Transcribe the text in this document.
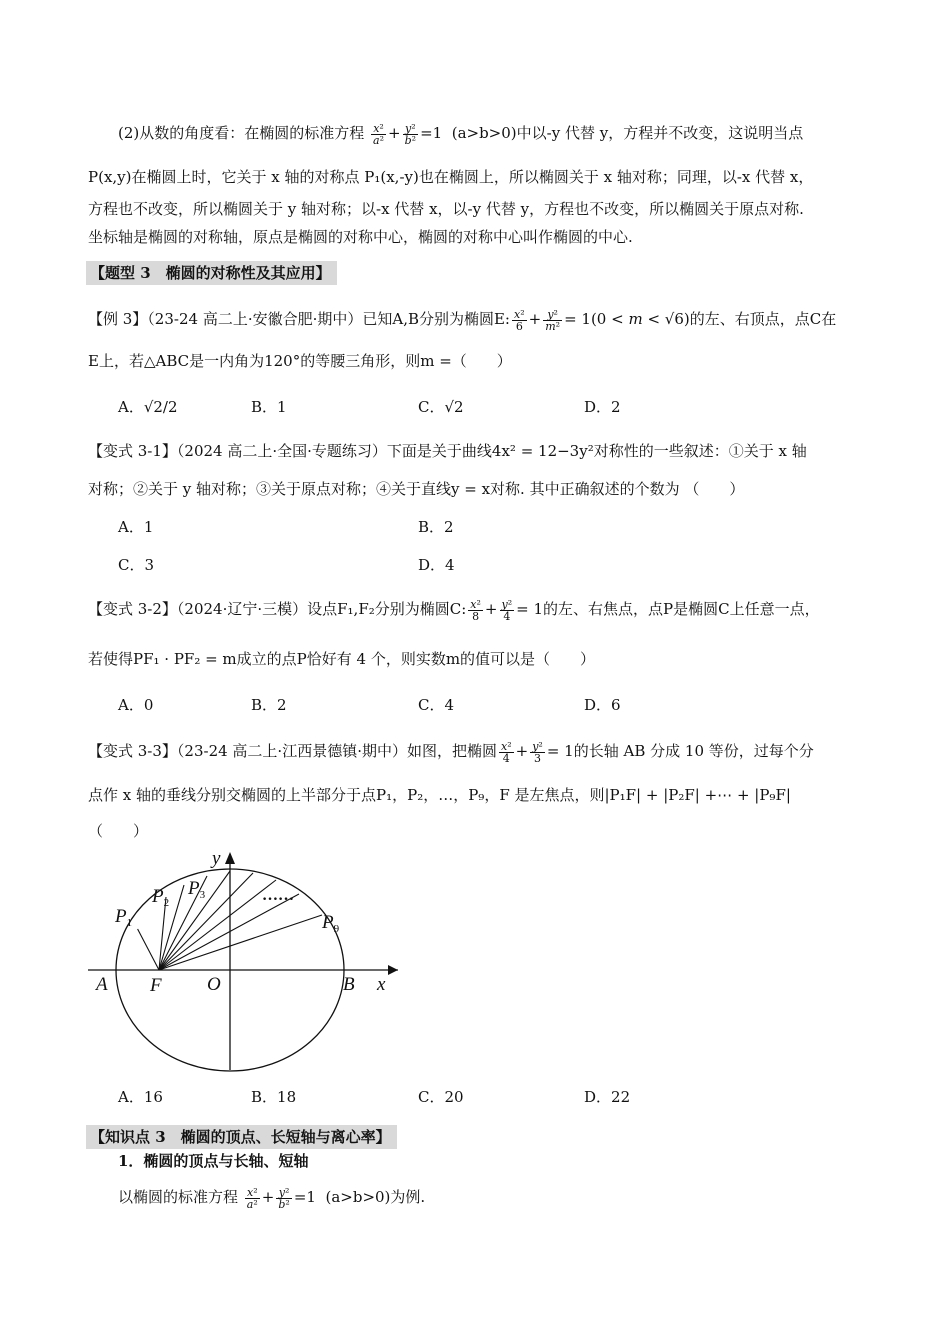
(2)从数的角度看：在椭圆的标准方程 $\frac{\text{x²}}{\text{a²}} + \frac{\text{y²}}{\text{b²}} =1$  (a>b>0)中以-y 代替 y，方程并不改变，这说明当点
P(x,y)在椭圆上时，它关于 x 轴的对称点 P₁(x,-y)也在椭圆上，所以椭圆关于 x 轴对称；同理，以-x 代替 x，
方程也不改变，所以椭圆关于 y 轴对称；以-x 代替 x，以-y 代替 y，方程也不改变，所以椭圆关于原点对称.
坐标轴是椭圆的对称轴，原点是椭圆的对称中心，椭圆的对称中心叫作椭圆的中心.
【题型 3　椭圆的对称性及其应用】
【例 3】（23-24 高二上·安徽合肥·期中）已知A,B分别为椭圆E: $\frac{\text{x²}}{6} + \frac{\text{y²}}{\text{m²}} = 1(0 < m < √6)$的左、右顶点，点C在
E上，若△ABC是一内角为120°的等腰三角形，则m =（　　）
A．√2/2	B．1	C．√2	D．2
【变式 3-1】（2024 高二上·全国·专题练习）下面是关于曲线4x² = 12−3y²对称性的一些叙述：①关于 x 轴
对称；②关于 y 轴对称；③关于原点对称；④关于直线y = x对称. 其中正确叙述的个数为 （　　）
A．1	B．2
C．3	D．4
【变式 3-2】（2024·辽宁·三模）设点F₁,F₂分别为椭圆C: $\frac{\text{x²}}{8} + \frac{\text{y²}}{4} = 1$的左、右焦点，点P是椭圆C上任意一点，
若使得PF₁ · PF₂ = m成立的点P恰好有 4 个，则实数m的值可以是（　　）
A．0	B．2	C．4	D．6
【变式 3-3】（23-24 高二上·江西景德镇·期中）如图，把椭圆 $\frac{\text{x²}}{4} + \frac{\text{y²}}{3} = 1$的长轴 AB 分成 10 等份，过每个分
点作 x 轴的垂线分别交椭圆的上半部分于点P₁，P₂，…，P₉，F 是左焦点，则|P₁F| + |P₂F| +⋯ + |P₉F|
（　　）
y
x
A F O	B
$P_1$
$P_2$
$P_3$
$P_9$
……
A．16	B．18	C．20	D．22
【知识点 3　椭圆的顶点、长短轴与离心率】
1．椭圆的顶点与长轴、短轴
以椭圆的标准方程 $\frac{\text{x²}}{\text{a²}} + \frac{\text{y²}}{\text{b²}} =1$  (a>b>0)为例.
